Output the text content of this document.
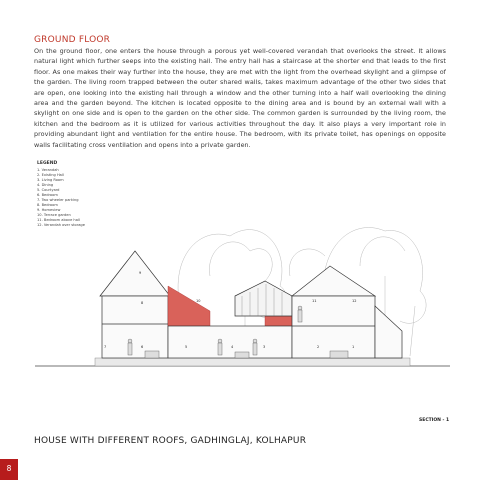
GROUND FLOOR
On the ground floor, one enters the house through a porous yet well-covered verandah that overlooks the street. It allows natural light which further seeps into the existing hall. The entry hall has a staircase at the shorter end that leads to the first floor. As one makes their way further into the house, they are met with the light from the overhead skylight and a glimpse of the garden. The living room trapped between the outer shared walls, takes maximum advantage of the other two sides that are open, one looking into the existing hall through a window and the other turning into a half wall overlooking the dining area and the garden beyond. The kitchen is located opposite to the dining area and is bound by an external wall with a skylight on one side and is open to the garden on the other side. The common garden is surrounded by the living room, the kitchen and the bedroom as it is utilized for various activities throughout the day. It also plays a very important role in providing abundant light and ventilation for the entire house. The bedroom, with its private toilet, has openings on opposite walls facilitating cross ventilation and opens into a private garden.
1
2
3
4
5
6
7
8
9
10	11	12
LEGEND
1. Verandah
2. Existing Hall
3. Living Room
4. Dining
5. Courtyard
6. Bedroom
7. Two wheeler parking
8. Bedroom
9. Homeview
10. Terrace garden
11. Bedroom above hall
12. Verandah over storage
SECTION - 1
HOUSE WITH DIFFERENT ROOFS, GADHINGLAJ, KOLHAPUR
8
